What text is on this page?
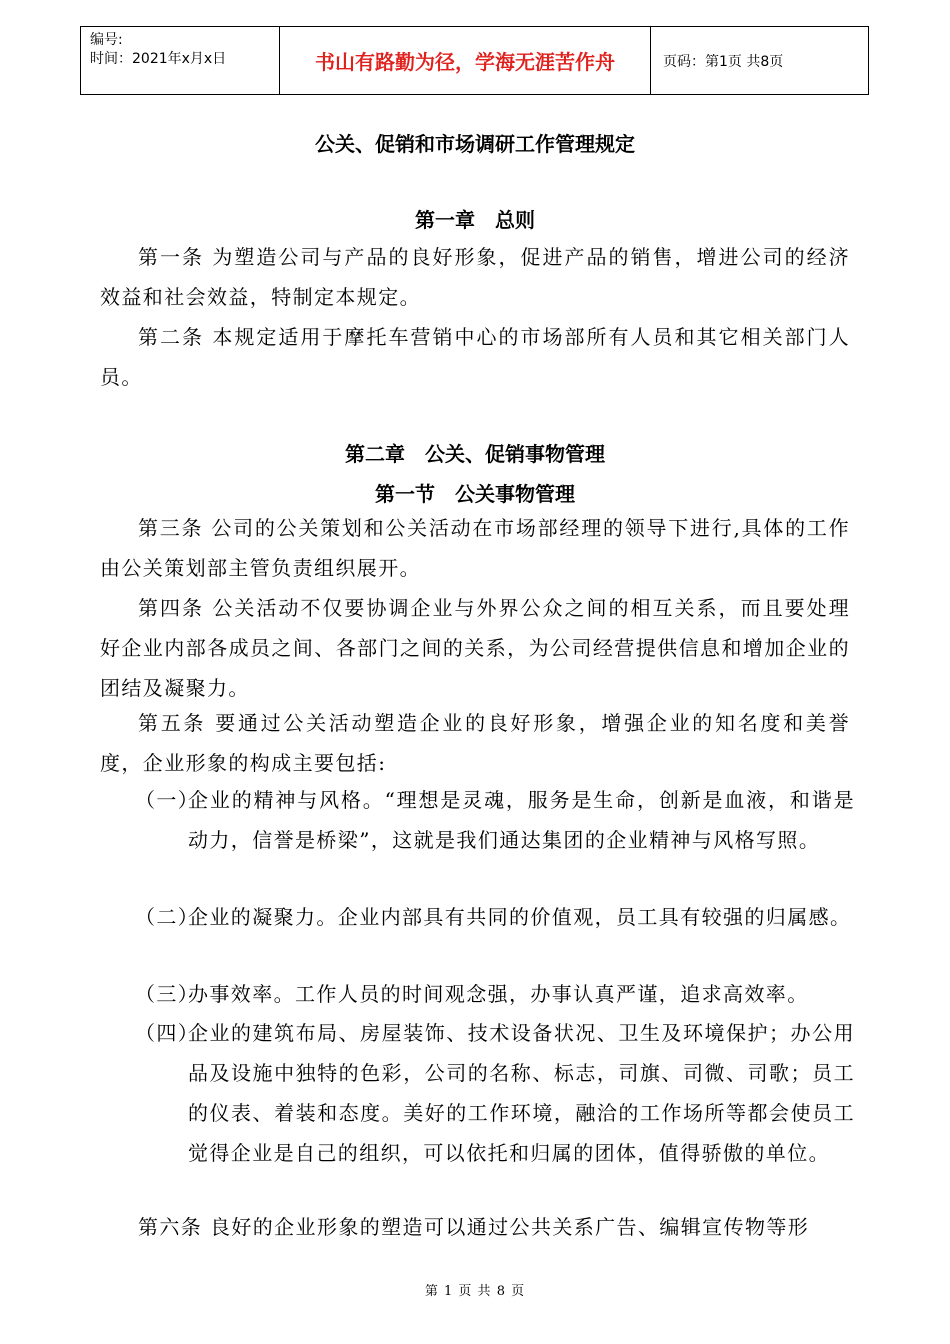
编号:
时间：2021年x月x日	书山有路勤为径，学海无涯苦作舟	页码：第1页 共8页
公关、促销和市场调研工作管理规定
第一章　总则
第一条 为塑造公司与产品的良好形象，促进产品的销售，增进公司的经济效益和社会效益，特制定本规定。
第二条 本规定适用于摩托车营销中心的市场部所有人员和其它相关部门人员。
第二章　公关、促销事物管理
第一节　公关事物管理
第三条 公司的公关策划和公关活动在市场部经理的领导下进行,具体的工作由公关策划部主管负责组织展开。
第四条 公关活动不仅要协调企业与外界公众之间的相互关系，而且要处理好企业内部各成员之间、各部门之间的关系，为公司经营提供信息和增加企业的团结及凝聚力。
第五条 要通过公关活动塑造企业的良好形象，增强企业的知名度和美誉度，企业形象的构成主要包括:
（一）
企业的精神与风格。“理想是灵魂，服务是生命，创新是血液，和谐是动力，信誉是桥梁”，这就是我们通达集团的企业精神与风格写照。
（二）
企业的凝聚力。企业内部具有共同的价值观，员工具有较强的归属感。
（三）
办事效率。工作人员的时间观念强，办事认真严谨，追求高效率。
（四）
企业的建筑布局、房屋装饰、技术设备状况、卫生及环境保护；办公用品及设施中独特的色彩，公司的名称、标志，司旗、司微、司歌；员工的仪表、着装和态度。美好的工作环境，融洽的工作场所等都会使员工觉得企业是自己的组织，可以依托和归属的团体，值得骄傲的单位。
第六条 良好的企业形象的塑造可以通过公共关系广告、编辑宣传物等形
第 1 页 共 8 页
